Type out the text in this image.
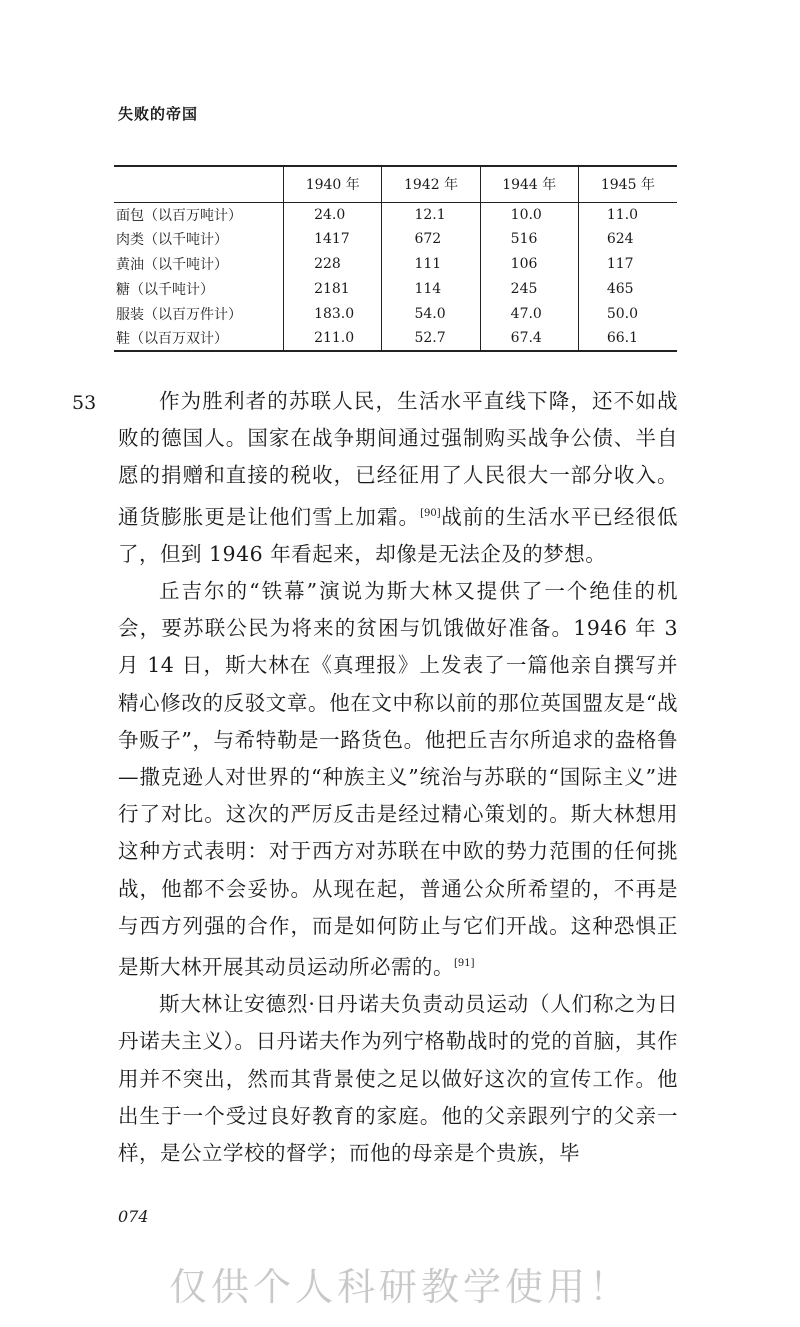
失败的帝国
	1940 年	1942 年	1944 年	1945 年
面包（以百万吨计）	24.0	12.1	10.0	11.0
肉类（以千吨计）	1417	672	516	624
黄油（以千吨计）	228	111	106	117
糖（以千吨计）	2181	114	245	465
服装（以百万件计）	183.0	54.0	47.0	50.0
鞋（以百万双计）	211.0	52.7	67.4	66.1
53	作为胜利者的苏联人民，生活水平直线下降，还不如战败的德国人。国家在战争期间通过强制购买战争公债、半自愿的捐赠和直接的税收，已经征用了人民很大一部分收入。通货膨胀更是让他们雪上加霜。[90]战前的生活水平已经很低了，但到 1946 年看起来，却像是无法企及的梦想。

丘吉尔的“铁幕”演说为斯大林又提供了一个绝佳的机会，要苏联公民为将来的贫困与饥饿做好准备。1946 年 3 月 14 日，斯大林在《真理报》上发表了一篇他亲自撰写并精心修改的反驳文章。他在文中称以前的那位英国盟友是“战争贩子”，与希特勒是一路货色。他把丘吉尔所追求的盎格鲁—撒克逊人对世界的“种族主义”统治与苏联的“国际主义”进行了对比。这次的严厉反击是经过精心策划的。斯大林想用这种方式表明：对于西方对苏联在中欧的势力范围的任何挑战，他都不会妥协。从现在起，普通公众所希望的，不再是与西方列强的合作，而是如何防止与它们开战。这种恐惧正是斯大林开展其动员运动所必需的。[91]

斯大林让安德烈·日丹诺夫负责动员运动（人们称之为日丹诺夫主义）。日丹诺夫作为列宁格勒战时的党的首脑，其作用并不突出，然而其背景使之足以做好这次的宣传工作。他出生于一个受过良好教育的家庭。他的父亲跟列宁的父亲一样，是公立学校的督学；而他的母亲是个贵族，毕

074
仅供个人科研教学使用！
